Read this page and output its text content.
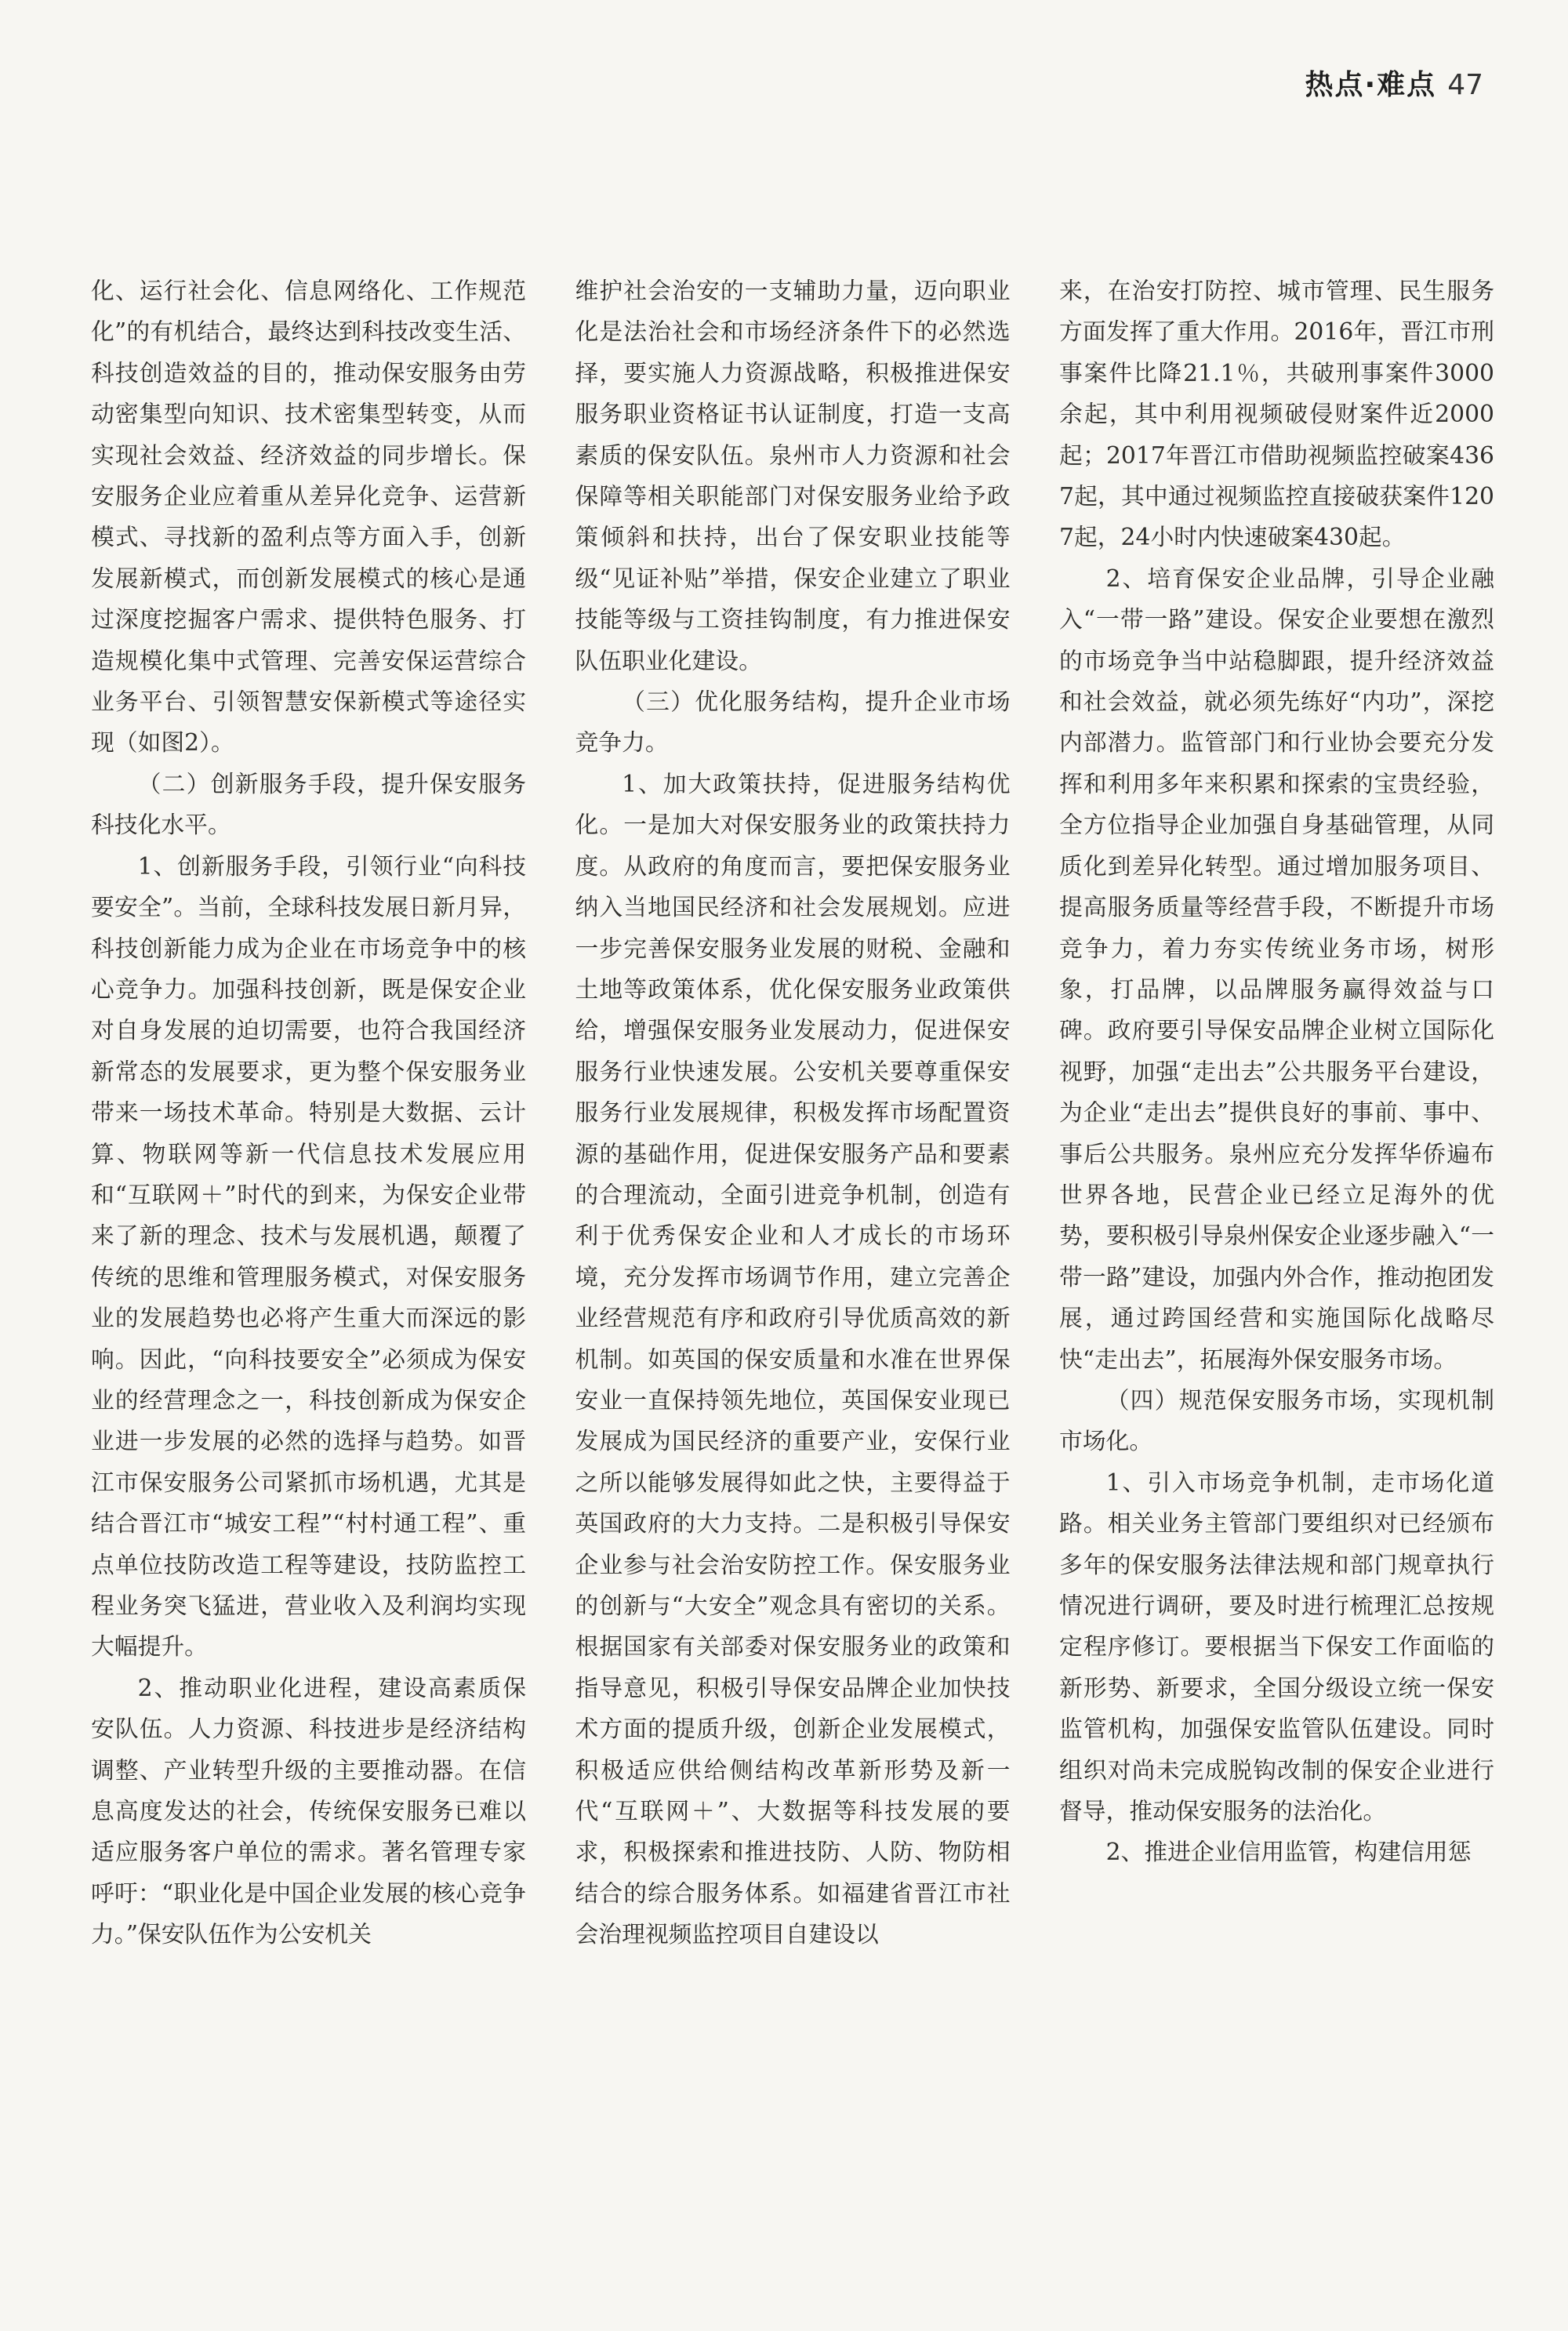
热点·难点 47

化、运行社会化、信息网络化、工作规范化”的有机结合，最终达到科技改变生活、科技创造效益的目的，推动保安服务由劳动密集型向知识、技术密集型转变，从而实现社会效益、经济效益的同步增长。保安服务企业应着重从差异化竞争、运营新模式、寻找新的盈利点等方面入手，创新发展新模式，而创新发展模式的核心是通过深度挖掘客户需求、提供特色服务、打造规模化集中式管理、完善安保运营综合业务平台、引领智慧安保新模式等途径实现（如图2）。

（二）创新服务手段，提升保安服务科技化水平。

1、创新服务手段，引领行业“向科技要安全”。当前，全球科技发展日新月异，科技创新能力成为企业在市场竞争中的核心竞争力。加强科技创新，既是保安企业对自身发展的迫切需要，也符合我国经济新常态的发展要求，更为整个保安服务业带来一场技术革命。特别是大数据、云计算、物联网等新一代信息技术发展应用和“互联网＋”时代的到来，为保安企业带来了新的理念、技术与发展机遇，颠覆了传统的思维和管理服务模式，对保安服务业的发展趋势也必将产生重大而深远的影响。因此，“向科技要安全”必须成为保安业的经营理念之一，科技创新成为保安企业进一步发展的必然的选择与趋势。如晋江市保安服务公司紧抓市场机遇，尤其是结合晋江市“城安工程”“村村通工程”、重点单位技防改造工程等建设，技防监控工程业务突飞猛进，营业收入及利润均实现大幅提升。

2、推动职业化进程，建设高素质保安队伍。人力资源、科技进步是经济结构调整、产业转型升级的主要推动器。在信息高度发达的社会，传统保安服务已难以适应服务客户单位的需求。著名管理专家呼吁：“职业化是中国企业发展的核心竞争力。”保安队伍作为公安机关

维护社会治安的一支辅助力量，迈向职业化是法治社会和市场经济条件下的必然选择，要实施人力资源战略，积极推进保安服务职业资格证书认证制度，打造一支高素质的保安队伍。泉州市人力资源和社会保障等相关职能部门对保安服务业给予政策倾斜和扶持，出台了保安职业技能等级“见证补贴”举措，保安企业建立了职业技能等级与工资挂钩制度，有力推进保安队伍职业化建设。

（三）优化服务结构，提升企业市场竞争力。

1、加大政策扶持，促进服务结构优化。一是加大对保安服务业的政策扶持力度。从政府的角度而言，要把保安服务业纳入当地国民经济和社会发展规划。应进一步完善保安服务业发展的财税、金融和土地等政策体系，优化保安服务业政策供给，增强保安服务业发展动力，促进保安服务行业快速发展。公安机关要尊重保安服务行业发展规律，积极发挥市场配置资源的基础作用，促进保安服务产品和要素的合理流动，全面引进竞争机制，创造有利于优秀保安企业和人才成长的市场环境，充分发挥市场调节作用，建立完善企业经营规范有序和政府引导优质高效的新机制。如英国的保安质量和水准在世界保安业一直保持领先地位，英国保安业现已发展成为国民经济的重要产业，安保行业之所以能够发展得如此之快，主要得益于英国政府的大力支持。二是积极引导保安企业参与社会治安防控工作。保安服务业的创新与“大安全”观念具有密切的关系。根据国家有关部委对保安服务业的政策和指导意见，积极引导保安品牌企业加快技术方面的提质升级，创新企业发展模式，积极适应供给侧结构改革新形势及新一代“互联网＋”、大数据等科技发展的要求，积极探索和推进技防、人防、物防相结合的综合服务体系。如福建省晋江市社会治理视频监控项目自建设以

来，在治安打防控、城市管理、民生服务方面发挥了重大作用。2016年，晋江市刑事案件比降21.1％，共破刑事案件3000余起，其中利用视频破侵财案件近2000起；2017年晋江市借助视频监控破案4367起，其中通过视频监控直接破获案件1207起，24小时内快速破案430起。

2、培育保安企业品牌，引导企业融入“一带一路”建设。保安企业要想在激烈的市场竞争当中站稳脚跟，提升经济效益和社会效益，就必须先练好“内功”，深挖内部潜力。监管部门和行业协会要充分发挥和利用多年来积累和探索的宝贵经验，全方位指导企业加强自身基础管理，从同质化到差异化转型。通过增加服务项目、提高服务质量等经营手段，不断提升市场竞争力，着力夯实传统业务市场，树形象，打品牌，以品牌服务赢得效益与口碑。政府要引导保安品牌企业树立国际化视野，加强“走出去”公共服务平台建设，为企业“走出去”提供良好的事前、事中、事后公共服务。泉州应充分发挥华侨遍布世界各地，民营企业已经立足海外的优势，要积极引导泉州保安企业逐步融入“一带一路”建设，加强内外合作，推动抱团发展，通过跨国经营和实施国际化战略尽快“走出去”，拓展海外保安服务市场。

（四）规范保安服务市场，实现机制市场化。

1、引入市场竞争机制，走市场化道路。相关业务主管部门要组织对已经颁布多年的保安服务法律法规和部门规章执行情况进行调研，要及时进行梳理汇总按规定程序修订。要根据当下保安工作面临的新形势、新要求，全国分级设立统一保安监管机构，加强保安监管队伍建设。同时组织对尚未完成脱钩改制的保安企业进行督导，推动保安服务的法治化。

2、推进企业信用监管，构建信用惩
